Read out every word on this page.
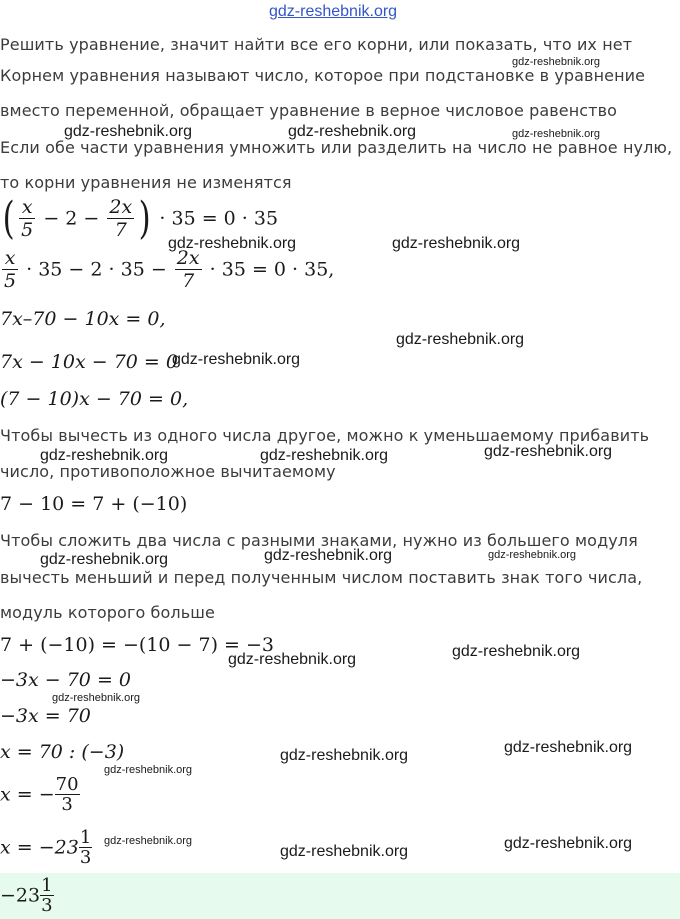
gdz-reshebnik.org
Решить уравнение, значит найти все его корни, или показать, что их нет
Корнем уравнения называют число, которое при подстановке в уравнение
gdz-reshebnik.org
вместо переменной, обращает уравнение в верное числовое равенство
gdz-reshebnik.org	gdz-reshebnik.org	gdz-reshebnik.org
Если обе части уравнения умножить или разделить на число не равное нулю,
то корни уравнения не изменятся
( $\frac{x}{5} - 2 - \frac{2x}{7}$ ) · 35 = 0 · 35
gdz-reshebnik.org	gdz-reshebnik.org
$\frac{x}{5} \cdot 35 - 2 \cdot 35 - \frac{2x}{7} \cdot 35 = 0 \cdot 35$,
7x–70 − 10x = 0,
gdz-reshebnik.org
7x − 10x − 70 = 0
gdz-reshebnik.org
(7 − 10)x − 70 = 0,
Чтобы вычесть из одного числа другое, можно к уменьшаемому прибавить
gdz-reshebnik.org	gdz-reshebnik.org	gdz-reshebnik.org
число, противоположное вычитаемому
7 − 10 = 7 + (−10)
Чтобы сложить два числа с разными знаками, нужно из большего модуля
gdz-reshebnik.org	gdz-reshebnik.org	gdz-reshebnik.org
вычесть меньший и перед полученным числом поставить знак того числа,
модуль которого больше
7 + (−10) = −(10 − 7) = −3
gdz-reshebnik.org	gdz-reshebnik.org
−3x − 70 = 0
gdz-reshebnik.org
−3x = 70
x = 70 : (−3)	gdz-reshebnik.org	gdz-reshebnik.org
gdz-reshebnik.org
x = − $\frac{70}{3}$
$x = -23 \frac{1}{3}$ gdz-reshebnik.org
gdz-reshebnik.org	gdz-reshebnik.org
$-23 \frac{1}{3}$
